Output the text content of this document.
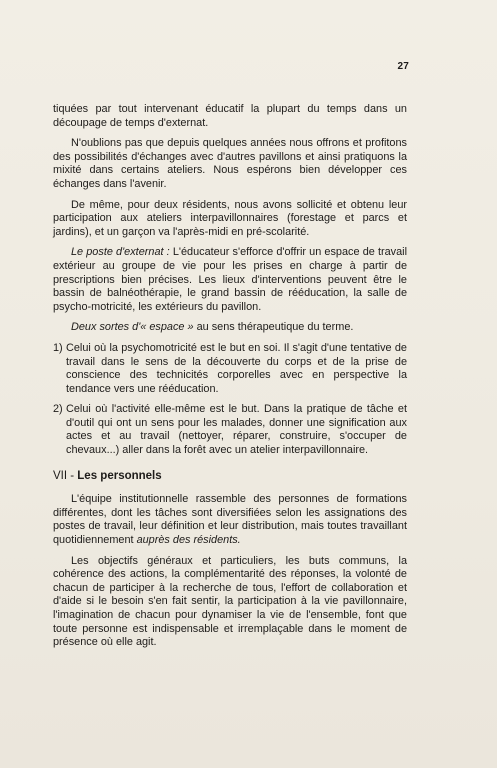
27

tiquées par tout intervenant éducatif la plupart du temps dans un découpage de temps d'externat.

N'oublions pas que depuis quelques années nous offrons et profitons des possibilités d'échanges avec d'autres pavillons et ainsi pratiquons la mixité dans certains ateliers. Nous espérons bien développer ces échanges dans l'avenir.

De même, pour deux résidents, nous avons sollicité et obtenu leur participation aux ateliers interpavillonnaires (forestage et parcs et jardins), et un garçon va l'après-midi en pré-scolarité.

Le poste d'externat : L'éducateur s'efforce d'offrir un espace de travail extérieur au groupe de vie pour les prises en charge à partir de prescriptions bien précises. Les lieux d'interventions peuvent être le bassin de balnéothérapie, le grand bassin de rééducation, la salle de psycho-motricité, les extérieurs du pavillon.

Deux sortes d'« espace » au sens thérapeutique du terme.

1) Celui où la psychomotricité est le but en soi. Il s'agit d'une tentative de travail dans le sens de la découverte du corps et de la prise de conscience des technicités corporelles avec en perspective la tendance vers une rééducation.
2) Celui où l'activité elle-même est le but. Dans la pratique de tâche et d'outil qui ont un sens pour les malades, donner une signification aux actes et au travail (nettoyer, réparer, construire, s'occuper de chevaux...) aller dans la forêt avec un atelier interpavillonnaire.
VII - Les personnels

L'équipe institutionnelle rassemble des personnes de formations différentes, dont les tâches sont diversifiées selon les assignations des postes de travail, leur définition et leur distribution, mais toutes travaillant quotidiennement auprès des résidents.

Les objectifs généraux et particuliers, les buts communs, la cohérence des actions, la complémentarité des réponses, la volonté de chacun de participer à la recherche de tous, l'effort de collaboration et d'aide si le besoin s'en fait sentir, la participation à la vie pavillonnaire, l'imagination de chacun pour dynamiser la vie de l'ensemble, font que toute personne est indispensable et irremplaçable dans le moment de présence où elle agit.
